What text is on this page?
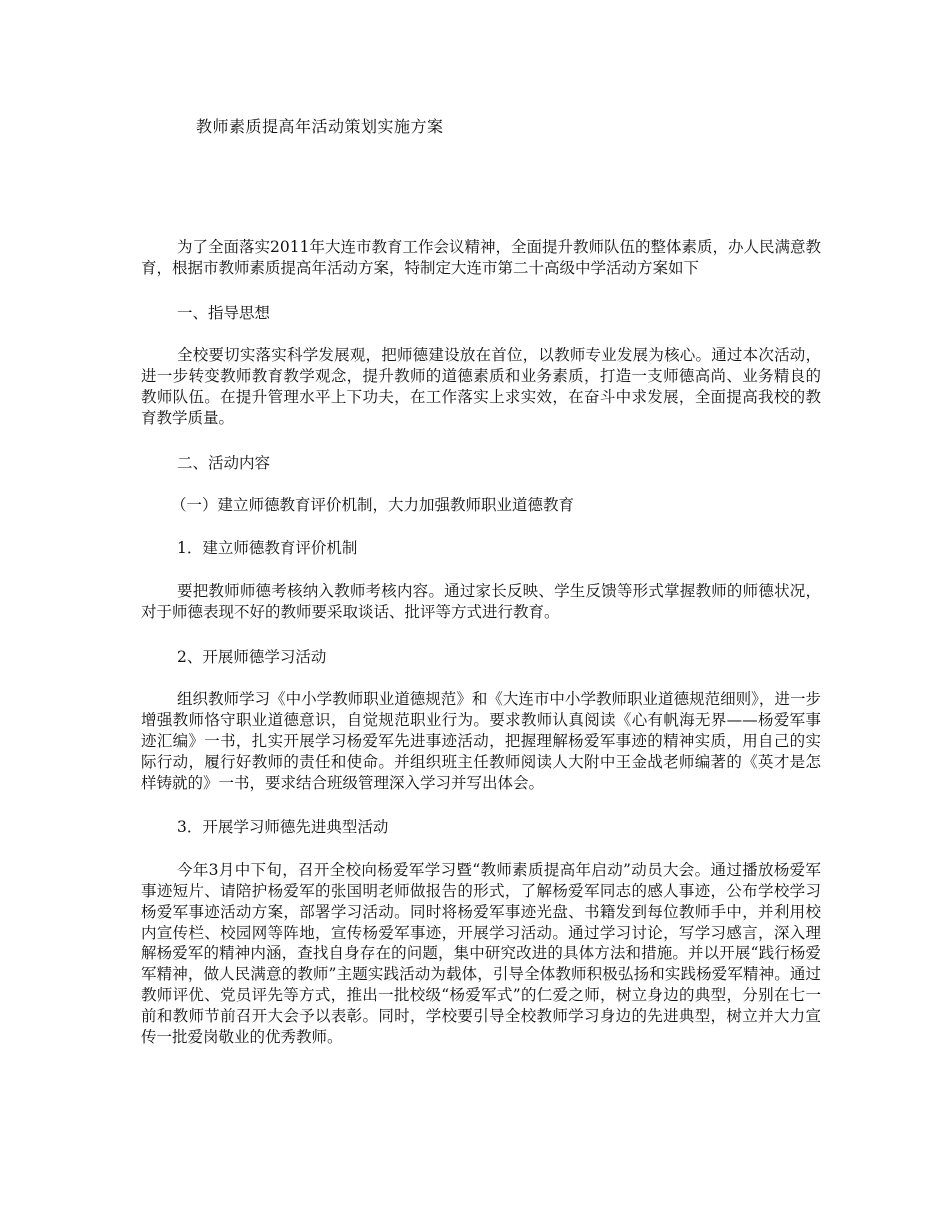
教师素质提高年活动策划实施方案

为了全面落实2011年大连市教育工作会议精神，全面提升教师队伍的整体素质，办人民满意教育，根据市教师素质提高年活动方案，特制定大连市第二十高级中学活动方案如下

一、指导思想

全校要切实落实科学发展观，把师德建设放在首位，以教师专业发展为核心。通过本次活动，进一步转变教师教育教学观念，提升教师的道德素质和业务素质，打造一支师德高尚、业务精良的教师队伍。在提升管理水平上下功夫，在工作落实上求实效，在奋斗中求发展，全面提高我校的教育教学质量。

二、活动内容

（一）建立师德教育评价机制，大力加强教师职业道德教育

1．建立师德教育评价机制

要把教师师德考核纳入教师考核内容。通过家长反映、学生反馈等形式掌握教师的师德状况，对于师德表现不好的教师要采取谈话、批评等方式进行教育。

2、开展师德学习活动

组织教师学习《中小学教师职业道德规范》和《大连市中小学教师职业道德规范细则》，进一步增强教师恪守职业道德意识，自觉规范职业行为。要求教师认真阅读《心有帆海无界——杨爱军事迹汇编》一书，扎实开展学习杨爱军先进事迹活动，把握理解杨爱军事迹的精神实质，用自己的实际行动，履行好教师的责任和使命。并组织班主任教师阅读人大附中王金战老师编著的《英才是怎样铸就的》一书，要求结合班级管理深入学习并写出体会。

3．开展学习师德先进典型活动

今年3月中下旬，召开全校向杨爱军学习暨“教师素质提高年启动”动员大会。通过播放杨爱军事迹短片、请陪护杨爱军的张国明老师做报告的形式，了解杨爱军同志的感人事迹，公布学校学习杨爱军事迹活动方案，部署学习活动。同时将杨爱军事迹光盘、书籍发到每位教师手中，并利用校内宣传栏、校园网等阵地，宣传杨爱军事迹，开展学习活动。通过学习讨论，写学习感言，深入理解杨爱军的精神内涵，查找自身存在的问题，集中研究改进的具体方法和措施。并以开展“践行杨爱军精神，做人民满意的教师”主题实践活动为载体，引导全体教师积极弘扬和实践杨爱军精神。通过教师评优、党员评先等方式，推出一批校级“杨爱军式”的仁爱之师，树立身边的典型，分别在七一前和教师节前召开大会予以表彰。同时，学校要引导全校教师学习身边的先进典型，树立并大力宣传一批爱岗敬业的优秀教师。
